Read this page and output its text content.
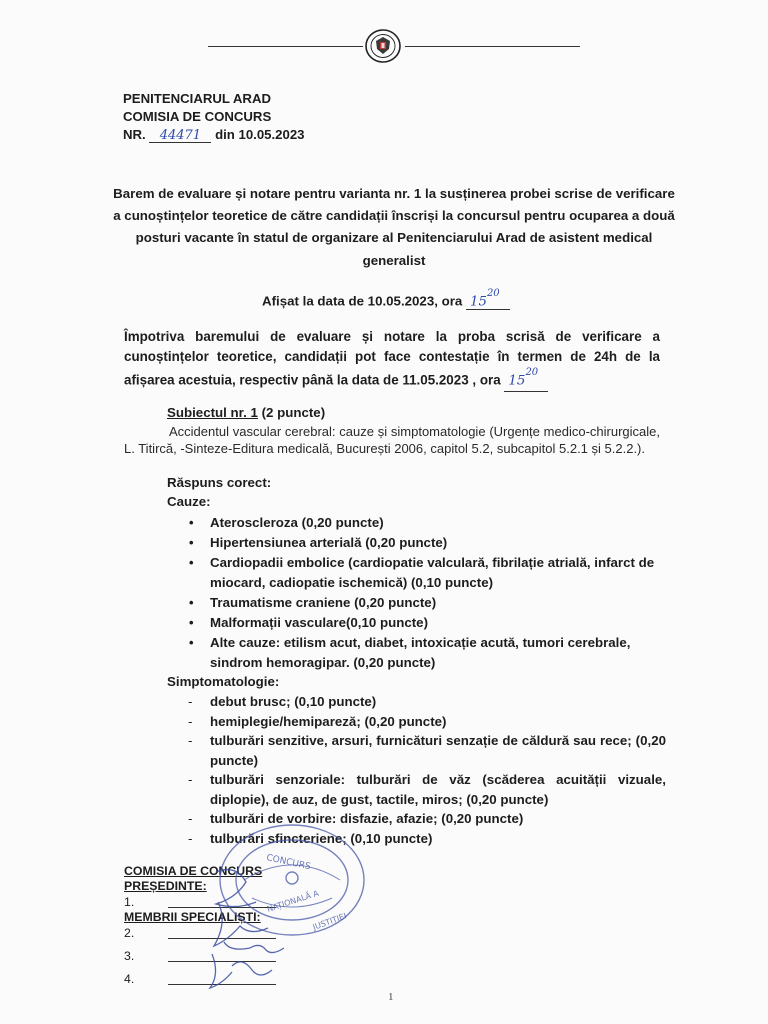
PENITENCIARUL ARAD
COMISIA DE CONCURS
NR. 44471 din 10.05.2023
Barem de evaluare și notare pentru varianta nr. 1 la susținerea probei scrise de verificare a cunoștințelor teoretice de către candidații înscriși la concursul pentru ocuparea a două posturi vacante în statul de organizare al Penitenciarului Arad de asistent medical generalist
Afișat la data de 10.05.2023, ora $15^{20}$
Împotriva baremului de evaluare și notare la proba scrisă de verificare a cunoștințelor teoretice, candidații pot face contestație în termen de 24h de la afișarea acestuia, respectiv până la data de 11.05.2023 , ora $15^{20}$
Subiectul nr. 1 (2 puncte)
Accidentul vascular cerebral: cauze și simptomatologie (Urgențe medico-chirurgicale, L. Titircă, -Sinteze-Editura medicală, București 2006, capitol 5.2, subcapitol 5.2.1 și 5.2.2.).
Răspuns corect:
Cauze:
• Ateroscleroza (0,20 puncte)
• Hipertensiunea arterială (0,20 puncte)
• Cardiopadii embolice (cardiopatie valculară, fibrilație atrială, infarct de miocard, cadiopatie ischemică) (0,10 puncte)
• Traumatisme craniene (0,20 puncte)
• Malformații vasculare(0,10 puncte)
• Alte cauze: etilism acut, diabet, intoxicație acută, tumori cerebrale, sindrom hemoragipar. (0,20 puncte)
Simptomatologie:
- debut brusc; (0,10 puncte)
- hemiplegie/hemipareză; (0,20 puncte)
- tulburări senzitive, arsuri, furnicături senzație de căldură sau rece; (0,20 puncte)
- tulburări senzoriale: tulburări de văz (scăderea acuității vizuale, diplopie), de auz, de gust, tactile, miros; (0,20 puncte)
- tulburări de vorbire: disfazie, afazie; (0,20 puncte)
- tulburări sfincteriene; (0,10 puncte)
COMISIA DE CONCURS
PREȘEDINTE:
1.
MEMBRII SPECIALIȘTI:
2.
3.
4.
CONCURS
NAȚIONALĂ A
JUSTIȚIEI
1
